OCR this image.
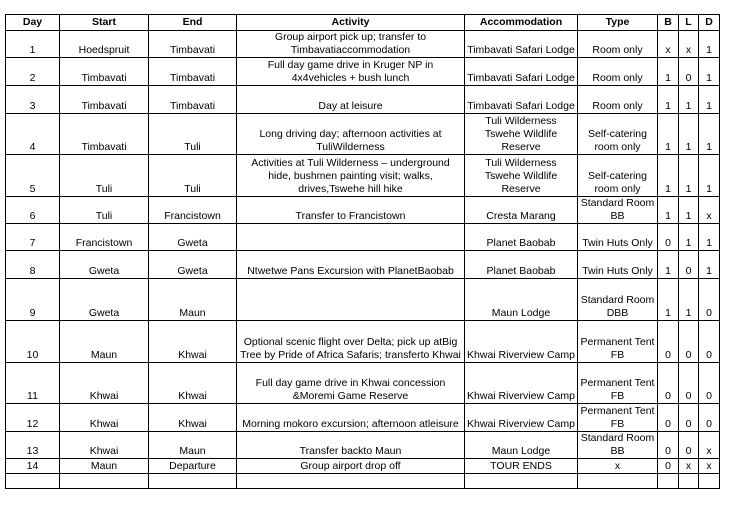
Day	Start	End	Activity	Accommodation	Type	B	L	D
1	Hoedspruit	Timbavati	Group airport pick up; transfer to Timbavatiaccommodation	Timbavati Safari Lodge	Room only	x	x	1
2	Timbavati	Timbavati	Full day game drive in Kruger NP in 4x4vehicles + bush lunch	Timbavati Safari Lodge	Room only	1	0	1
3	Timbavati	Timbavati	Day at leisure	Timbavati Safari Lodge	Room only	1	1	1
4	Timbavati	Tuli	Long driving day; afternoon activities at TuliWilderness	Tuli Wilderness Tswehe Wildlife Reserve	Self-catering room only	1	1	1
5	Tuli	Tuli	Activities at Tuli Wilderness – underground hide, bushmen painting visit; walks, drives,Tswehe hill hike	Tuli Wilderness Tswehe Wildlife Reserve	Self-catering room only	1	1	1
6	Tuli	Francistown	Transfer to Francistown	Cresta Marang	Standard Room BB	1	1	x
7	Francistown	Gweta		Planet Baobab	Twin Huts Only	0	1	1
8	Gweta	Gweta	Ntwetwe Pans Excursion with PlanetBaobab	Planet Baobab	Twin Huts Only	1	0	1
9	Gweta	Maun		Maun Lodge	Standard Room DBB	1	1	0
10	Maun	Khwai	Optional scenic flight over Delta; pick up atBig Tree by Pride of Africa Safaris; transferto Khwai	Khwai Riverview Camp	Permanent Tent FB	0	0	0
11	Khwai	Khwai	Full day game drive in Khwai concession &Moremi Game Reserve	Khwai Riverview Camp	Permanent Tent FB	0	0	0
12	Khwai	Khwai	Morning mokoro excursion; afternoon atleisure	Khwai Riverview Camp	Permanent Tent FB	0	0	0
13	Khwai	Maun	Transfer backto Maun	Maun Lodge	Standard Room BB	0	0	x
14	Maun	Departure	Group airport drop off	TOUR ENDS	x	0	x	x
